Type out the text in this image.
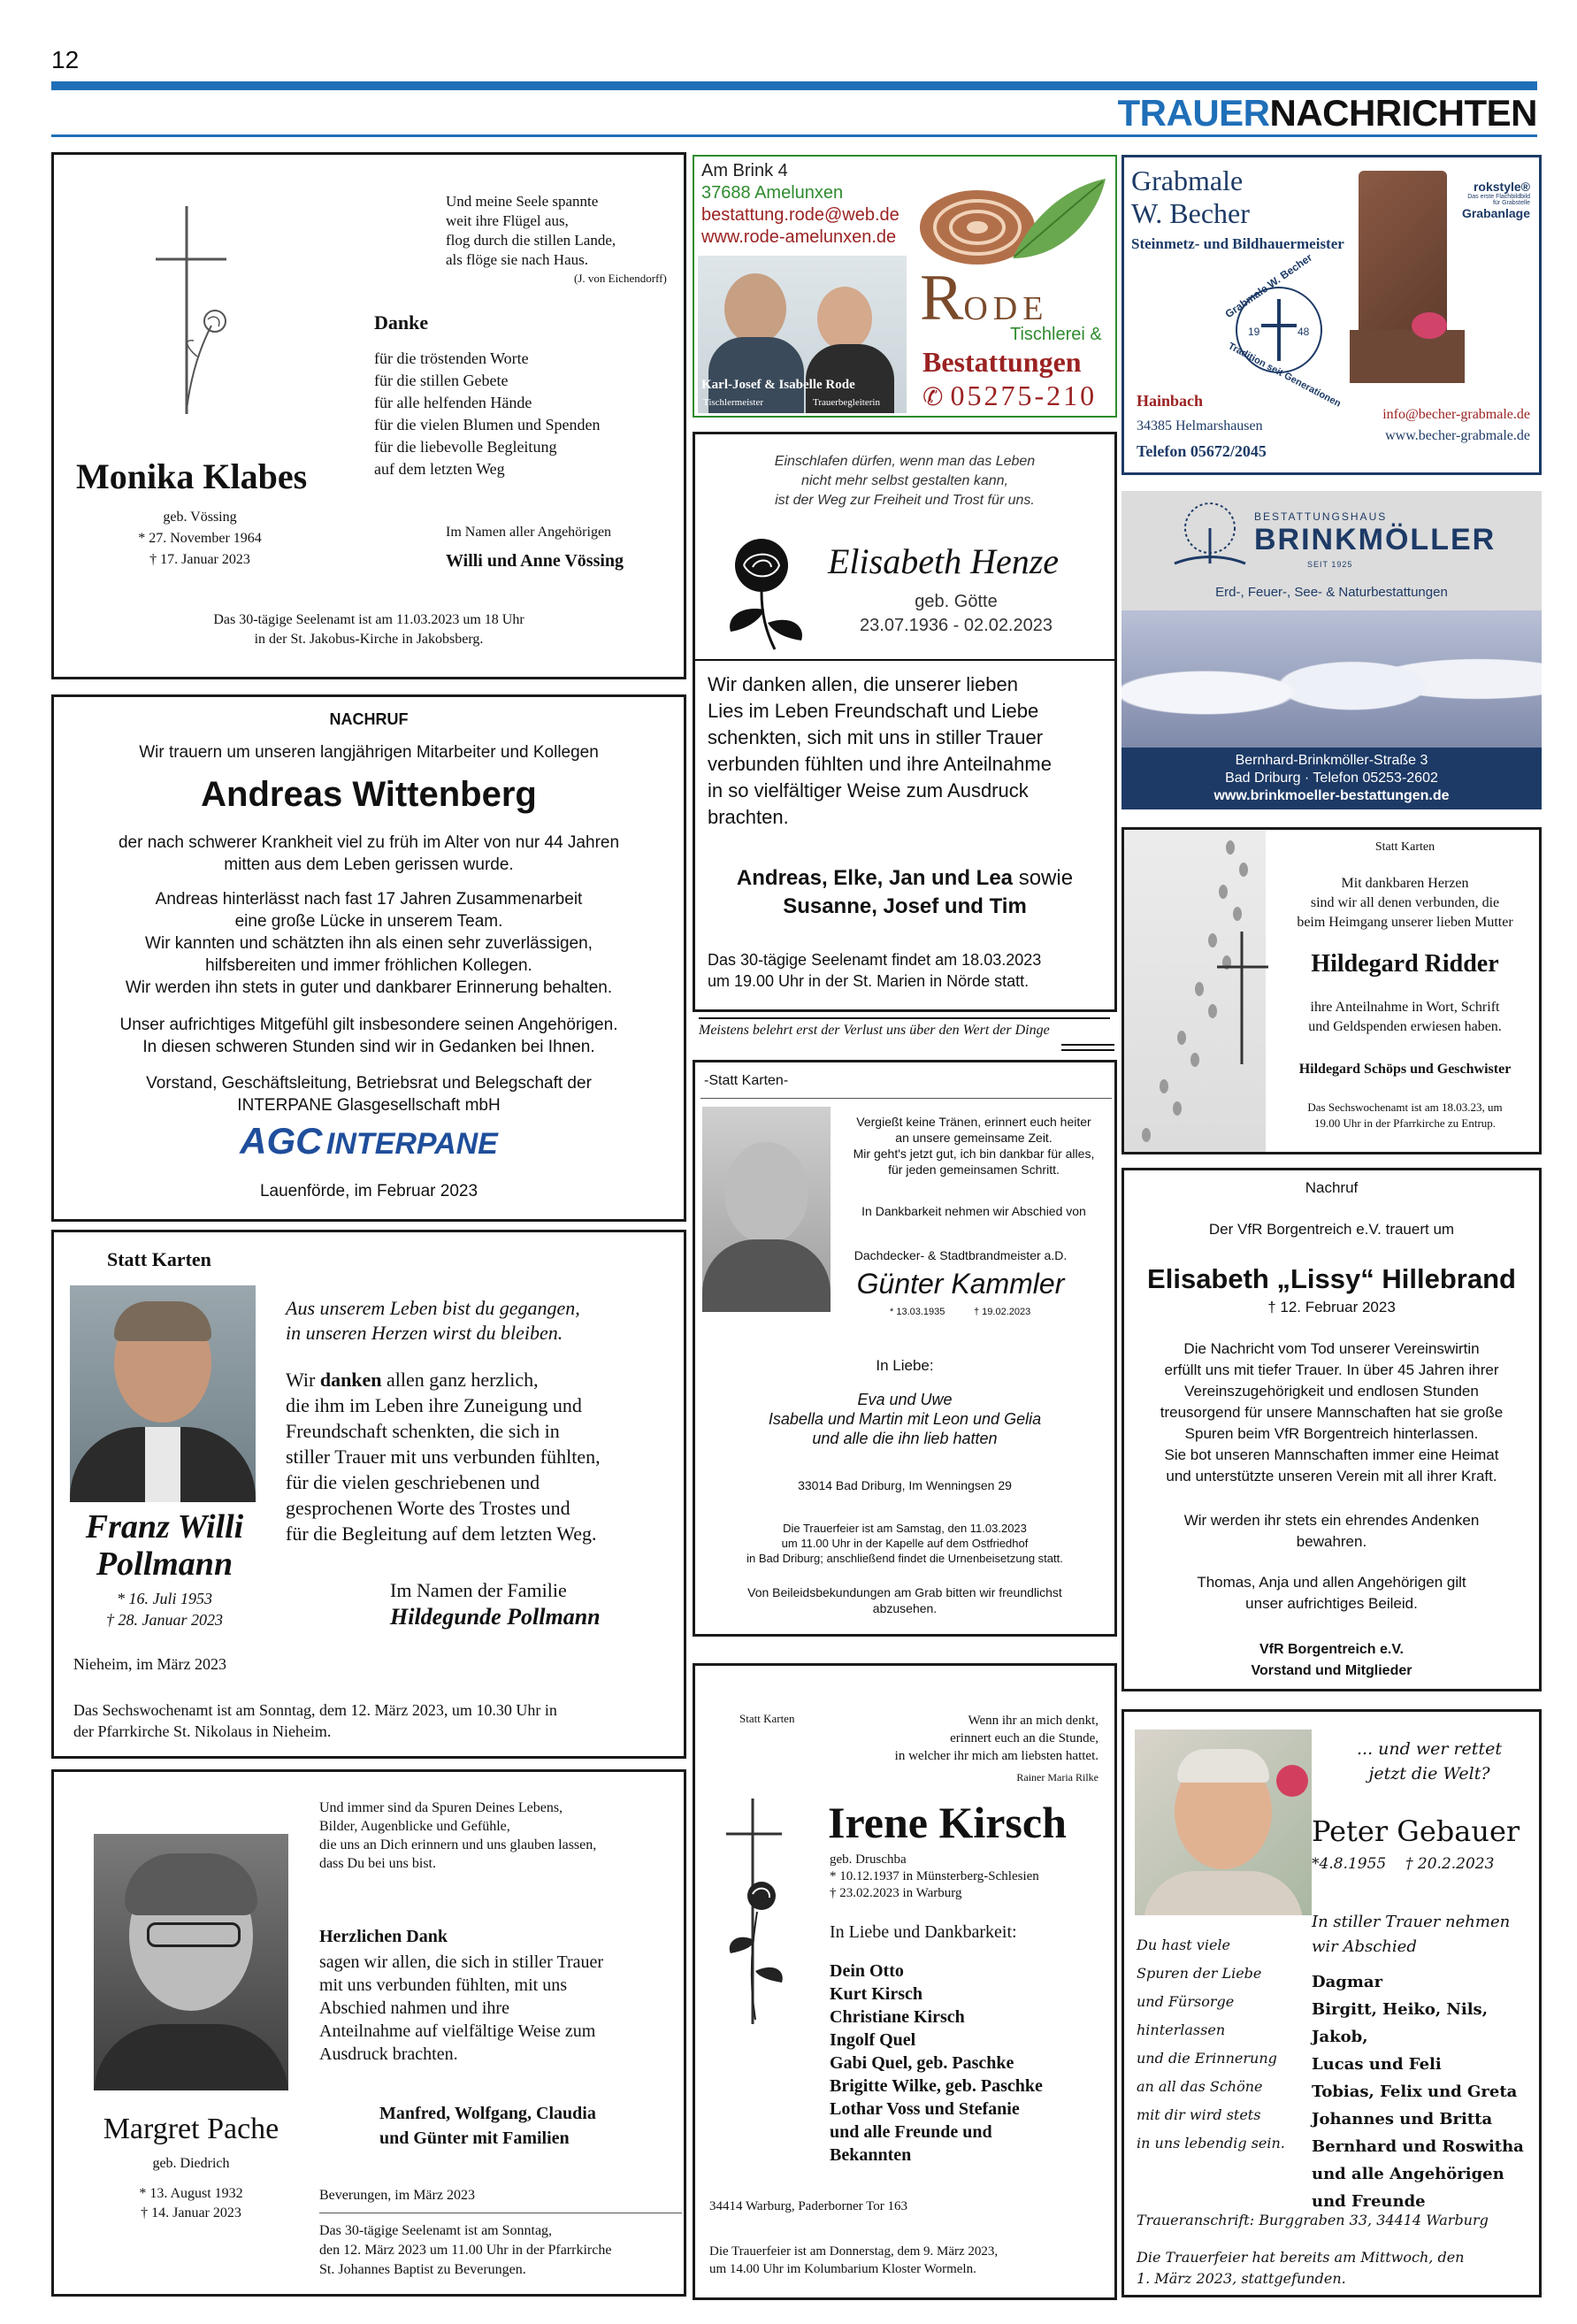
12
TRAUERNACHRICHTEN
Und meine Seele spannte
weit ihre Flügel aus,
flog durch die stillen Lande,
als flöge sie nach Haus.
(J. von Eichendorff)
Danke
für die tröstenden Worte
für die stillen Gebete
für alle helfenden Hände
für die vielen Blumen und Spenden
für die liebevolle Begleitung
auf dem letzten Weg
Monika Klabes
geb. Vössing
* 27. November 1964
† 17. Januar 2023
Im Namen aller Angehörigen
Willi und Anne Vössing
Das 30-tägige Seelenamt ist am 11.03.2023 um 18 Uhr
in der St. Jakobus-Kirche in Jakobsberg.
Am Brink 4
37688 Amelunxen
bestattung.rode@web.de
www.rode-amelunxen.de
Karl-Josef & Isabelle Rode
Tischlermeister	Trauerbegleiterin
RODE
Tischlerei &
Bestattungen
✆ 05275-210
Grabmale
W. Becher
Steinmetz- und Bildhauermeister
Grabmale W. Becher
19	48
Tradition seit Generationen
rokstyle®
Das erste Flachbildbild
für Grabstelle
Grabanlage
Hainbach
34385 Helmarshausen
Telefon 05672/2045
info@becher-grabmale.de
www.becher-grabmale.de
Einschlafen dürfen, wenn man das Leben
nicht mehr selbst gestalten kann,
ist der Weg zur Freiheit und Trost für uns.
Elisabeth Henze
geb. Götte
23.07.1936 - 02.02.2023
Wir danken allen, die unserer lieben
Lies im Leben Freundschaft und Liebe
schenkten, sich mit uns in stiller Trauer
verbunden fühlten und ihre Anteilnahme
in so vielfältiger Weise zum Ausdruck
brachten.
Andreas, Elke, Jan und Lea sowie
Susanne, Josef und Tim
Das 30-tägige Seelenamt findet am 18.03.2023
um 19.00 Uhr in der St. Marien in Nörde statt.
BESTATTUNGSHAUS
BRINKMÖLLER
SEIT 1925
Erd-, Feuer-, See- & Naturbestattungen
Bernhard-Brinkmöller-Straße 3
Bad Driburg · Telefon 05253-2602
www.brinkmoeller-bestattungen.de
NACHRUF
Wir trauern um unseren langjährigen Mitarbeiter und Kollegen
Andreas Wittenberg
der nach schwerer Krankheit viel zu früh im Alter von nur 44 Jahren
mitten aus dem Leben gerissen wurde.
Andreas hinterlässt nach fast 17 Jahren Zusammenarbeit
eine große Lücke in unserem Team.
Wir kannten und schätzten ihn als einen sehr zuverlässigen,
hilfsbereiten und immer fröhlichen Kollegen.
Wir werden ihn stets in guter und dankbarer Erinnerung behalten.
Unser aufrichtiges Mitgefühl gilt insbesondere seinen Angehörigen.
In diesen schweren Stunden sind wir in Gedanken bei Ihnen.
Vorstand, Geschäftsleitung, Betriebsrat und Belegschaft der
INTERPANE Glasgesellschaft mbH
AGC INTERPANE
Lauenförde, im Februar 2023
Meistens belehrt erst der Verlust uns über den Wert der Dinge
Statt Karten
Mit dankbaren Herzen
sind wir all denen verbunden, die
beim Heimgang unserer lieben Mutter
Hildegard Ridder
ihre Anteilnahme in Wort, Schrift
und Geldspenden erwiesen haben.
Hildegard Schöps und Geschwister
Das Sechswochenamt ist am 18.03.23, um
19.00 Uhr in der Pfarrkirche zu Entrup.
-Statt Karten-
Vergießt keine Tränen, erinnert euch heiter
an unsere gemeinsame Zeit.
Mir geht's jetzt gut, ich bin dankbar für alles,
für jeden gemeinsamen Schritt.
In Dankbarkeit nehmen wir Abschied von
Dachdecker- & Stadtbrandmeister a.D.
Günter Kammler
* 13.03.1935	† 19.02.2023
In Liebe:
Eva und Uwe
Isabella und Martin mit Leon und Gelia
und alle die ihn lieb hatten
33014 Bad Driburg, Im Wenningsen 29
Die Trauerfeier ist am Samstag, den 11.03.2023
um 11.00 Uhr in der Kapelle auf dem Ostfriedhof
in Bad Driburg; anschließend findet die Urnenbeisetzung statt.
Von Beileidsbekundungen am Grab bitten wir freundlichst
abzusehen.
Statt Karten
Aus unserem Leben bist du gegangen,
in unseren Herzen wirst du bleiben.
Wir danken allen ganz herzlich,
die ihm im Leben ihre Zuneigung und
Freundschaft schenkten, die sich in
stiller Trauer mit uns verbunden fühlten,
für die vielen geschriebenen und
gesprochenen Worte des Trostes und
für die Begleitung auf dem letzten Weg.
Franz Willi
Pollmann
* 16. Juli 1953
† 28. Januar 2023
Im Namen der Familie
Hildegunde Pollmann
Nieheim, im März 2023
Das Sechswochenamt ist am Sonntag, dem 12. März 2023, um 10.30 Uhr in
der Pfarrkirche St. Nikolaus in Nieheim.
Nachruf
Der VfR Borgentreich e.V. trauert um
Elisabeth „Lissy“ Hillebrand
† 12. Februar 2023
Die Nachricht vom Tod unserer Vereinswirtin
erfüllt uns mit tiefer Trauer. In über 45 Jahren ihrer
Vereinszugehörigkeit und endlosen Stunden
treusorgend für unsere Mannschaften hat sie große
Spuren beim VfR Borgentreich hinterlassen.
Sie bot unseren Mannschaften immer eine Heimat
und unterstützte unseren Verein mit all ihrer Kraft.
Wir werden ihr stets ein ehrendes Andenken
bewahren.
Thomas, Anja und allen Angehörigen gilt
unser aufrichtiges Beileid.
VfR Borgentreich e.V.
Vorstand und Mitglieder
Statt Karten	Wenn ihr an mich denkt,
erinnert euch an die Stunde,
in welcher ihr mich am liebsten hattet.
Rainer Maria Rilke
Irene Kirsch
geb. Druschba
* 10.12.1937 in Münsterberg-Schlesien
† 23.02.2023 in Warburg
In Liebe und Dankbarkeit:
Dein Otto
Kurt Kirsch
Christiane Kirsch
Ingolf Quel
Gabi Quel, geb. Paschke
Brigitte Wilke, geb. Paschke
Lothar Voss und Stefanie
und alle Freunde und
Bekannten
34414 Warburg, Paderborner Tor 163
Die Trauerfeier ist am Donnerstag, dem 9. März 2023,
um 14.00 Uhr im Kolumbarium Kloster Wormeln.
Und immer sind da Spuren Deines Lebens,
Bilder, Augenblicke und Gefühle,
die uns an Dich erinnern und uns glauben lassen,
dass Du bei uns bist.
Herzlichen Dank
sagen wir allen, die sich in stiller Trauer
mit uns verbunden fühlten, mit uns
Abschied nahmen und ihre
Anteilnahme auf vielfältige Weise zum
Ausdruck brachten.
Manfred, Wolfgang, Claudia
und Günter mit Familien
Margret Pache
geb. Diedrich
* 13. August 1932
† 14. Januar 2023
Beverungen, im März 2023
Das 30-tägige Seelenamt ist am Sonntag,
den 12. März 2023 um 11.00 Uhr in der Pfarrkirche
St. Johannes Baptist zu Beverungen.
... und wer rettet
jetzt die Welt?
Peter Gebauer
*4.8.1955 † 20.2.2023
Du hast viele
Spuren der Liebe
und Fürsorge
hinterlassen
und die Erinnerung
an all das Schöne
mit dir wird stets
in uns lebendig sein.
In stiller Trauer nehmen
wir Abschied
Dagmar
Birgitt, Heiko, Nils, Jakob,
Lucas und Feli
Tobias, Felix und Greta
Johannes und Britta
Bernhard und Roswitha
und alle Angehörigen
und Freunde
Traueranschrift: Burggraben 33, 34414 Warburg
Die Trauerfeier hat bereits am Mittwoch, den
1. März 2023, stattgefunden.
